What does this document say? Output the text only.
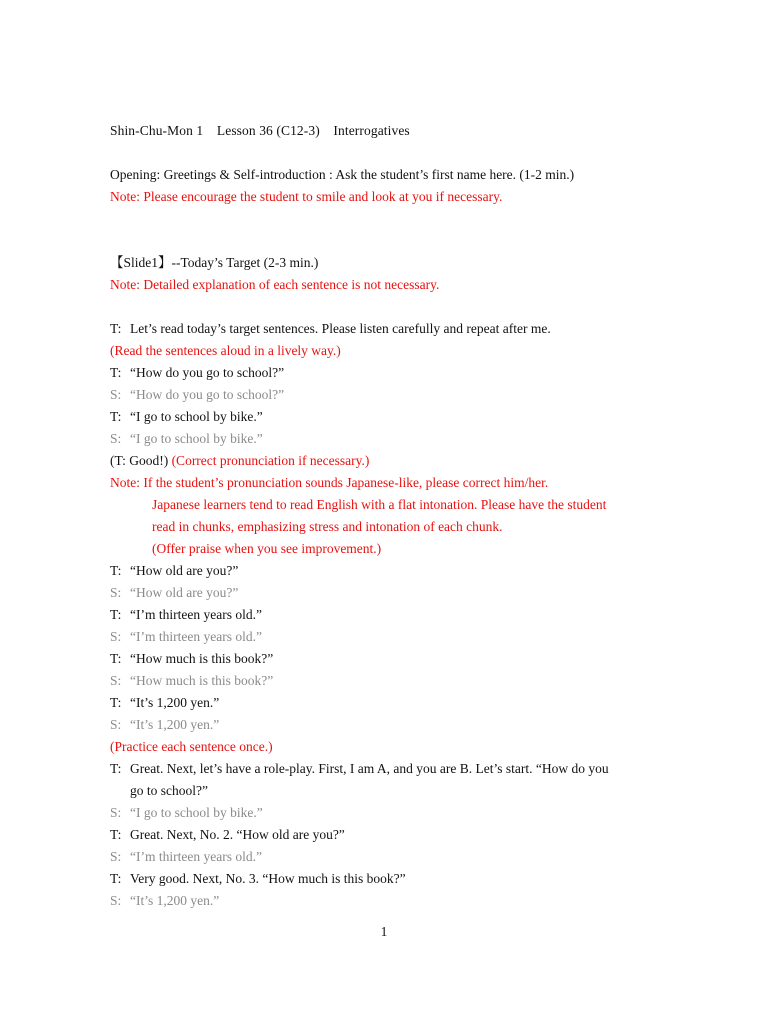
Shin-Chu-Mon 1　Lesson 36 (C12-3)　Interrogatives
Opening: Greetings & Self-introduction : Ask the student’s first name here. (1-2 min.)
Note: Please encourage the student to smile and look at you if necessary.
【Slide1】--Today’s Target (2-3 min.)
Note: Detailed explanation of each sentence is not necessary.
T: Let’s read today’s target sentences. Please listen carefully and repeat after me.
(Read the sentences aloud in a lively way.)
T: “How do you go to school?”
S: “How do you go to school?”
T: “I go to school by bike.”
S: “I go to school by bike.”
(T: Good!) (Correct pronunciation if necessary.)
Note: If the student’s pronunciation sounds Japanese-like, please correct him/her.
Japanese learners tend to read English with a flat intonation. Please have the student
read in chunks, emphasizing stress and intonation of each chunk.
(Offer praise when you see improvement.)
T: “How old are you?”
S: “How old are you?”
T: “I’m thirteen years old.”
S: “I’m thirteen years old.”
T: “How much is this book?”
S: “How much is this book?”
T: “It’s 1,200 yen.”
S: “It’s 1,200 yen.”
(Practice each sentence once.)
T: Great. Next, let’s have a role-play. First, I am A, and you are B. Let’s start. “How do you
go to school?”
S: “I go to school by bike.”
T: Great. Next, No. 2. “How old are you?”
S: “I’m thirteen years old.”
T: Very good. Next, No. 3. “How much is this book?”
S: “It’s 1,200 yen.”
1
